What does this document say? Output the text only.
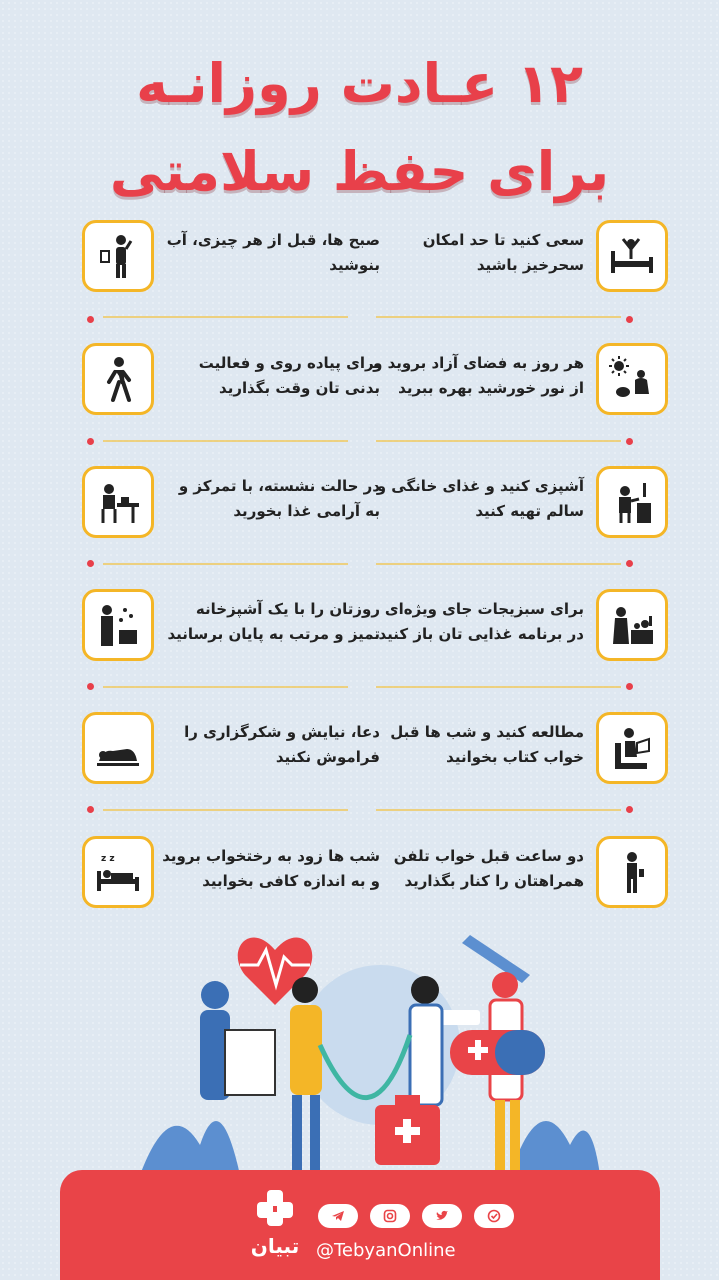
۱۲ عـادت روزانـه
برای حفظ سلامتی
سعی کنید تا حد امکان سحرخیز باشید
صبح ها، قبل از هر چیزی، آب بنوشید
هر روز به فضای آزاد بروید و از نور خورشید بهره ببرید
برای پیاده روی و فعالیت بدنی تان وقت بگذارید
آشپزی کنید و غذای خانگی و سالم تهیه کنید
در حالت نشسته، با تمرکز و به آرامی غذا بخورید
برای سبزیجات جای ویژه‌ای در برنامه غذایی تان باز کنید
روزتان را با یک آشپزخانه تمیز و مرتب به پایان برسانید
مطالعه کنید و شب ها قبل خواب کتاب بخوانید
دعا، نیایش و شکرگزاری را فراموش نکنید
دو ساعت قبل خواب تلفن همراهتان را کنار بگذارید
z z	شب ها زود به رختخواب بروید و به اندازه کافی بخوابید
تبیان @TebyanOnline
